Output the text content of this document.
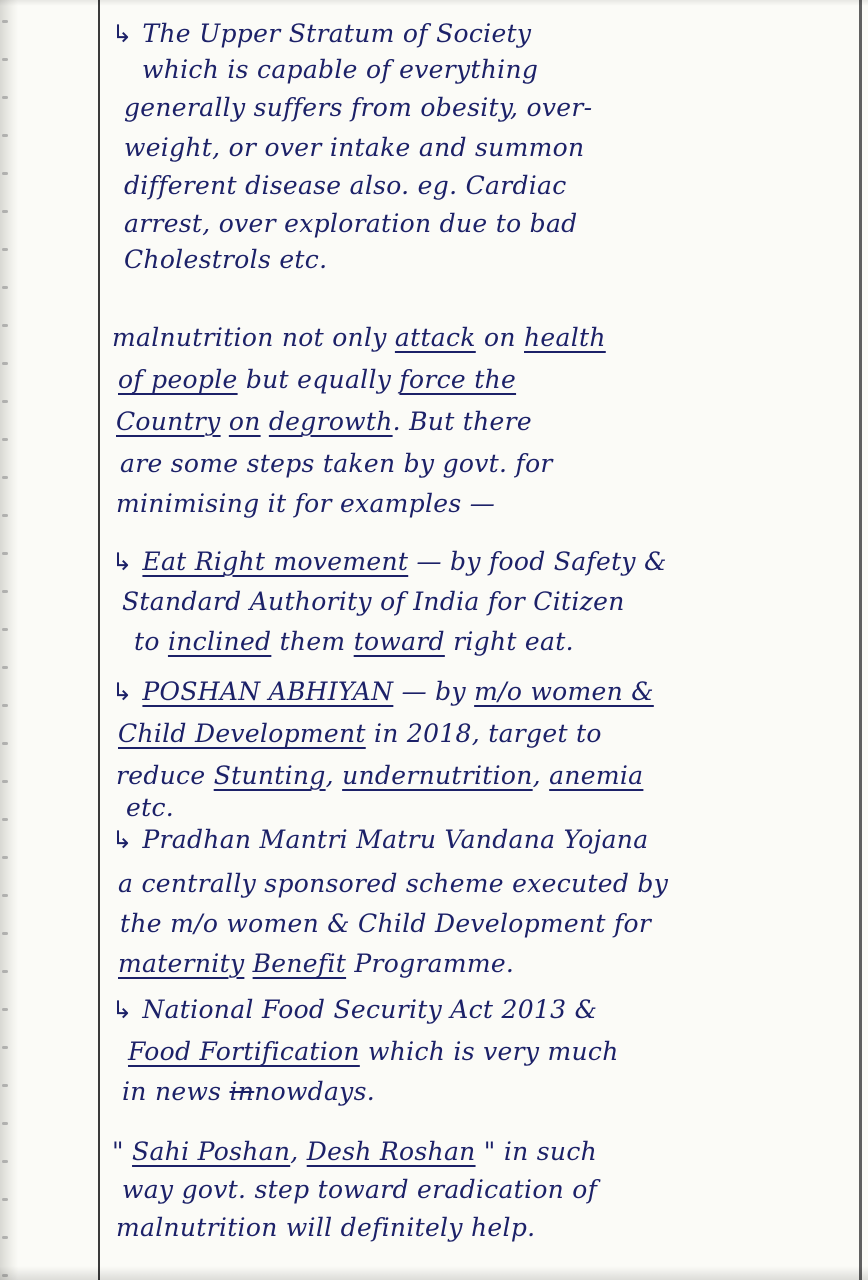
↳ The Upper Stratum of Society
which is capable of everything
generally suffers from obesity, over-
weight, or over intake and summon
different disease also. eg. Cardiac
arrest, over exploration due to bad
Cholestrols etc.
malnutrition not only attack on health
of people but equally force the
Country on degrowth. But there
are some steps taken by govt. for
minimising it for examples —
↳ Eat Right movement — by food Safety &
Standard Authority of India for Citizen
to inclined them toward right eat.
↳ POSHAN ABHIYAN — by m/o women &
Child Development in 2018, target to
reduce Stunting, undernutrition, anemia
etc.
↳ Pradhan Mantri Matru Vandana Yojana
a centrally sponsored scheme executed by
the m/o women & Child Development for
maternity Benefit Programme.
↳ National Food Security Act 2013 &
Food Fortification which is very much
in news innowdays.
" Sahi Poshan, Desh Roshan " in such
way govt. step toward eradication of
malnutrition will definitely help.
